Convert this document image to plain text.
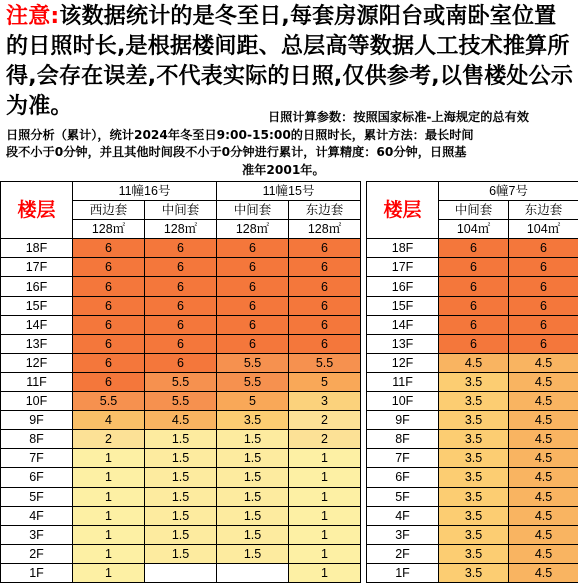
注意:该数据统计的是冬至日,每套房源阳台或南卧室位置的日照时长,是根据楼间距、总层高等数据人工技术推算所得,会存在误差,不代表实际的日照,仅供参考,以售楼处公示为准。	日照计算参数：按照国家标准-上海规定的总有效
日照分析（累计），统计2024年冬至日9:00-15:00的日照时长，累计方法：最长时间
段不小于0分钟，并且其他时间段不小于0分钟进行累计，计算精度：60分钟，日照基
准年2001年。
楼层	11幢16号		11幢15号			楼层	6幢7号	
	西边套	中间套	中间套	东边套			中间套	东边套
	128㎡	128㎡	128㎡	128㎡			104㎡	104㎡
18F	6	6	6	6		18F	6	6
17F	6	6	6	6		17F	6	6
16F	6	6	6	6		16F	6	6
15F	6	6	6	6		15F	6	6
14F	6	6	6	6		14F	6	6
13F	6	6	6	6		13F	6	6
12F	6	6	5.5	5.5		12F	4.5	4.5
11F	6	5.5	5.5	5		11F	3.5	4.5
10F	5.5	5.5	5	3		10F	3.5	4.5
9F	4	4.5	3.5	2		9F	3.5	4.5
8F	2	1.5	1.5	2		8F	3.5	4.5
7F	1	1.5	1.5	1		7F	3.5	4.5
6F	1	1.5	1.5	1		6F	3.5	4.5
5F	1	1.5	1.5	1		5F	3.5	4.5
4F	1	1.5	1.5	1		4F	3.5	4.5
3F	1	1.5	1.5	1		3F	3.5	4.5
2F	1	1.5	1.5	1		2F	3.5	4.5
1F	1			1		1F	3.5	4.5
